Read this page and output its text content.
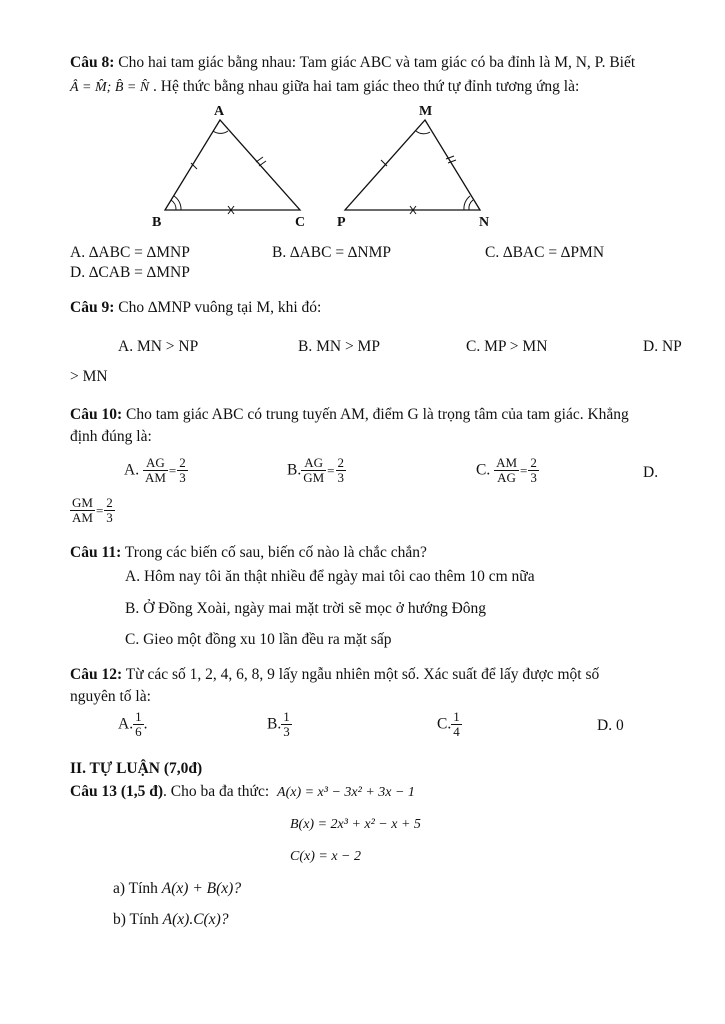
Câu 8: Cho hai tam giác bằng nhau: Tam giác ABC và tam giác có ba đỉnh là M, N, P. Biết
Â = M̂; B̂ = N̂ . Hệ thức bằng nhau giữa hai tam giác theo thứ tự đỉnh tương ứng là:
A
B	C
M
P	N
A. ∆ABC = ∆MNP	B. ∆ABC = ∆NMP	C. ∆BAC = ∆PMN
D. ∆CAB = ∆MNP
Câu 9: Cho ∆MNP vuông tại M, khi đó:
A. MN > NP	B. MN > MP	C. MP > MN	D. NP
> MN
Câu 10: Cho tam giác ABC có trung tuyến AM, điểm G là trọng tâm của tam giác. Khẳng
định đúng là:
A. $\frac{AG}{AM} = \frac{2}{3}$	B. $\frac{AG}{GM} = \frac{2}{3}$	C. $\frac{AM}{AG} = \frac{2}{3}$	D.
$\frac{GM}{AM} = \frac{2}{3}$
Câu 11: Trong các biến cố sau, biến cố nào là chắc chắn?
A. Hôm nay tôi ăn thật nhiều để ngày mai tôi cao thêm 10 cm nữa
B. Ở Đồng Xoài, ngày mai mặt trời sẽ mọc ở hướng Đông
C. Gieo một đồng xu 10 lần đều ra mặt sấp
Câu 12: Từ các số 1, 2, 4, 6, 8, 9 lấy ngẫu nhiên một số. Xác suất để lấy được một số
nguyên tố là:
A. $\frac{1}{6}$ .	B. $\frac{1}{3}$	C. $\frac{1}{4}$	D. 0
II. TỰ LUẬN (7,0đ)
Câu 13 (1,5 đ). Cho ba đa thức: A(x) = x³ − 3x² + 3x − 1
B(x) = 2x³ + x² − x + 5
C(x) = x − 2
a) Tính A(x) + B(x)?
b) Tính A(x).C(x)?
